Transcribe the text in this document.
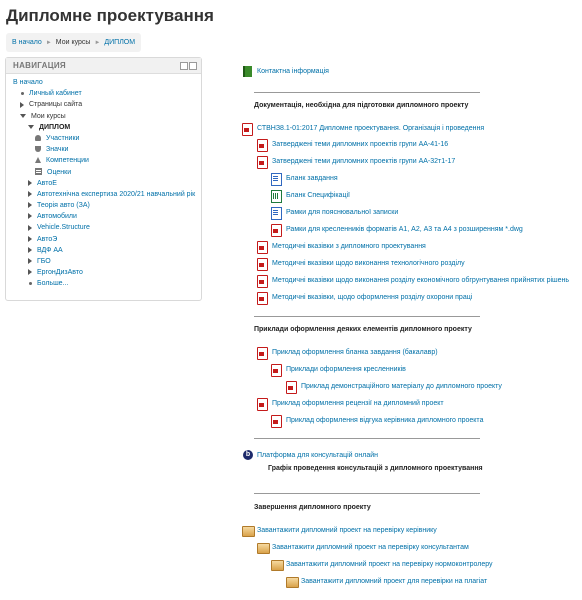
Дипломне проектування
В начало ► Мои курсы ► ДИПЛОМ
НАВИГАЦИЯ
В начало
Личный кабинет
Страницы сайта
Мои курсы
ДИПЛОМ
Участники
Значки
Компетенции
Оценки
АвтоЕ
Автотехнічна експертиза 2020/21 навчальний рік
Теорія авто (ЗА)
Автомобили
Vehicle.Structure
АвтоЭ
ВДФ АА
ГБО
ЕргонДизАвто
Больше...
Контактна інформація
Документація, необхідна для підготовки дипломного проекту
СТВНЗ8.1-01:2017 Дипломне проектування. Організація і проведення
Затверджені теми дипломних проектів групи АА-41-16
Затверджені теми дипломних проектів групи АА-32т1-17
Бланк завдання
Бланк Специфікації
Рамки для пояснювальної записки
Рамки для кресленників форматів А1, А2, А3 та А4 з розширенням *.dwg
Методичні вказівки з дипломного проектування
Методичні вказівки щодо виконання технологічного розділу
Методичні вказівки щодо виконання розділу економічного обгрунтування прийнятих рішень
Методичні вказівки, щодо оформлення розділу охорони праці
Приклади оформлення деяких елементів дипломного проекту
Приклад оформлення бланка завдання (бакалавр)
Приклади оформлення кресленників
Приклад демонстраційного матеріалу до дипломного проекту
Приклад оформлення рецензії на дипломний проект
Приклад оформлення відгука керівника дипломного проекта
b Платформа для консультацій онлайн
Графік проведення консультацій з дипломного проектування
Завершення дипломного проекту
Завантажити дипломний проект на перевірку керівнику
Завантажити дипломний проект на перевірку консультантам
Завантажити дипломний проект на перевірку нормоконтролеру
Завантажити дипломний проект для перевірки на плагіат
